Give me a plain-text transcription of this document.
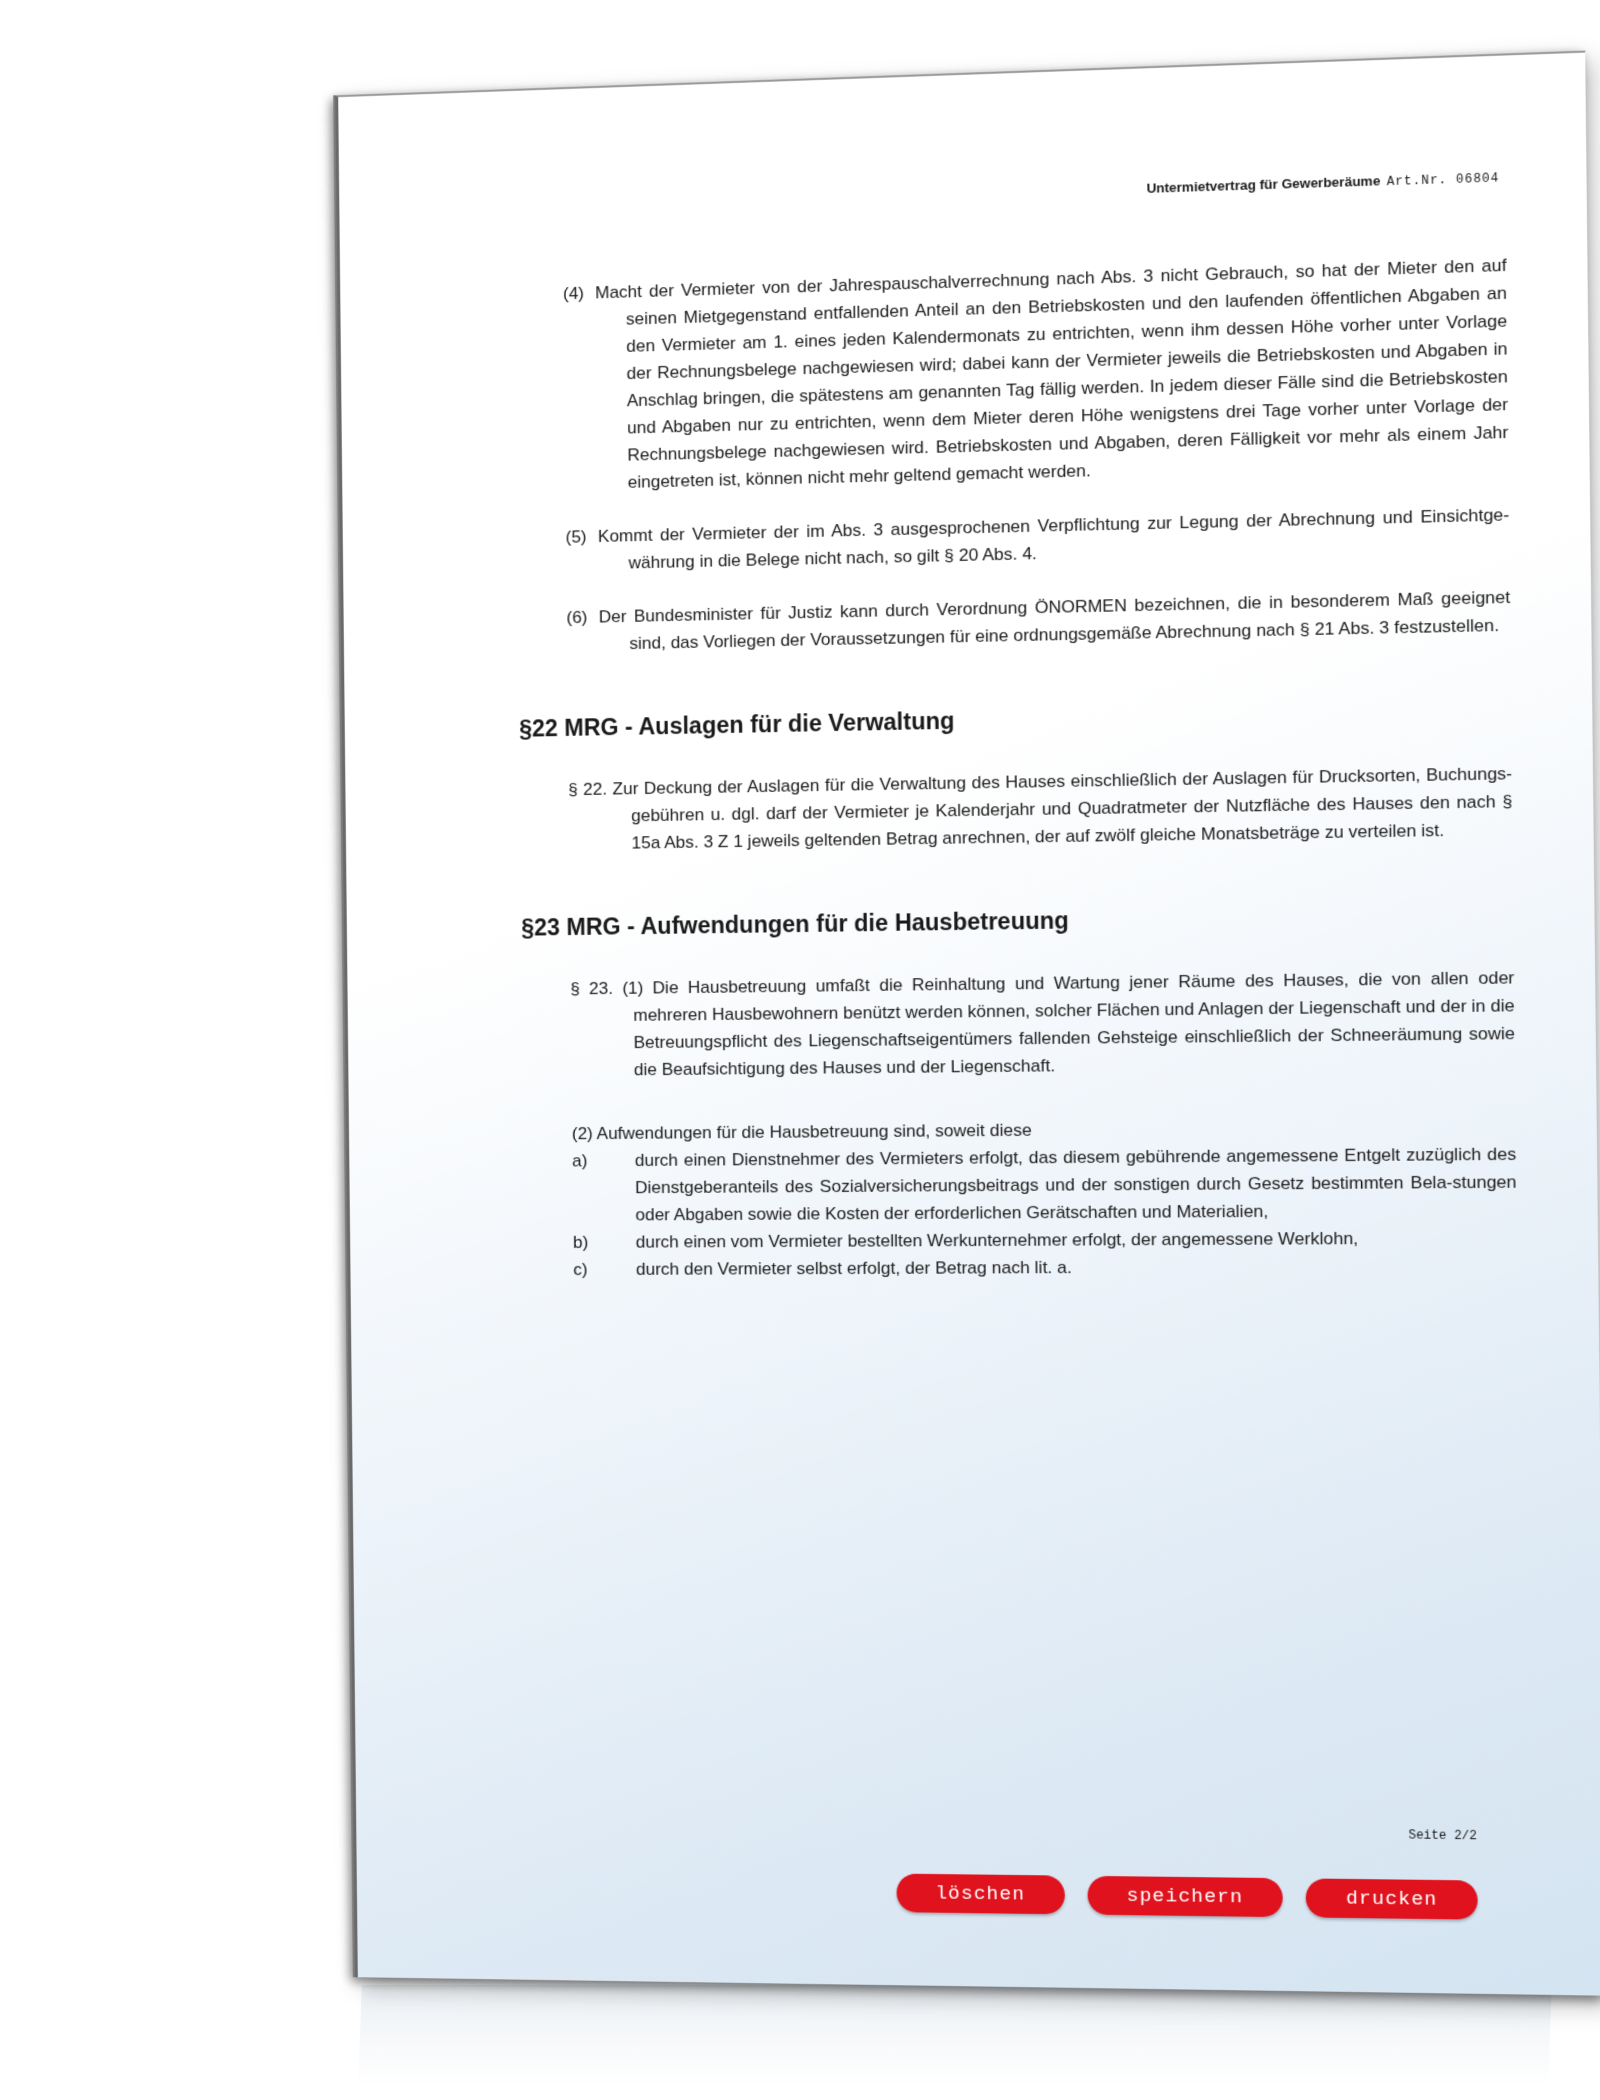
Untermietvertrag für Gewerberäume Art.Nr. 06804

(4) Macht der Vermieter von der Jahrespauschalverrechnung nach Abs. 3 nicht Gebrauch, so hat der Mieter den auf seinen Mietgegenstand entfallenden Anteil an den Betriebskosten und den laufenden öffentlichen Abgaben an den Vermieter am 1. eines jeden Kalendermonats zu entrichten, wenn ihm dessen Höhe vorher unter Vorlage der Rechnungsbelege nachgewiesen wird; dabei kann der Vermieter jeweils die Betriebskosten und Abgaben in Anschlag bringen, die spätestens am genannten Tag fällig werden. In jedem dieser Fälle sind die Betriebskosten und Abgaben nur zu entrichten, wenn dem Mieter deren Höhe wenigstens drei Tage vorher unter Vorlage der Rechnungsbelege nachgewiesen wird. Betriebskosten und Abgaben, deren Fälligkeit vor mehr als einem Jahr eingetreten ist, können nicht mehr geltend gemacht werden.

(5) Kommt der Vermieter der im Abs. 3 ausgesprochenen Verpflichtung zur Legung der Abrechnung und Einsichtge-währung in die Belege nicht nach, so gilt § 20 Abs. 4.

(6) Der Bundesminister für Justiz kann durch Verordnung ÖNORMEN bezeichnen, die in besonderem Maß geeignet sind, das Vorliegen der Voraussetzungen für eine ordnungsgemäße Abrechnung nach § 21 Abs. 3 festzustellen.

§22 MRG - Auslagen für die Verwaltung

§ 22. Zur Deckung der Auslagen für die Verwaltung des Hauses einschließlich der Auslagen für Drucksorten, Buchungs-gebühren u. dgl. darf der Vermieter je Kalenderjahr und Quadratmeter der Nutzfläche des Hauses den nach § 15a Abs. 3 Z 1 jeweils geltenden Betrag anrechnen, der auf zwölf gleiche Monatsbeträge zu verteilen ist.

§23 MRG - Aufwendungen für die Hausbetreuung

§ 23. (1) Die Hausbetreuung umfaßt die Reinhaltung und Wartung jener Räume des Hauses, die von allen oder mehreren Hausbewohnern benützt werden können, solcher Flächen und Anlagen der Liegenschaft und der in die Betreuungspflicht des Liegenschaftseigentümers fallenden Gehsteige einschließlich der Schneeräumung sowie die Beaufsichtigung des Hauses und der Liegenschaft.

(2) Aufwendungen für die Hausbetreuung sind, soweit diese
a)	durch einen Dienstnehmer des Vermieters erfolgt, das diesem gebührende angemessene Entgelt zuzüglich des Dienstgeberanteils des Sozialversicherungsbeitrags und der sonstigen durch Gesetz bestimmten Bela-stungen oder Abgaben sowie die Kosten der erforderlichen Gerätschaften und Materialien,
b)	durch einen vom Vermieter bestellten Werkunternehmer erfolgt, der angemessene Werklohn,
c)	durch den Vermieter selbst erfolgt, der Betrag nach lit. a.
Seite 2/2
löschen	speichern	drucken
